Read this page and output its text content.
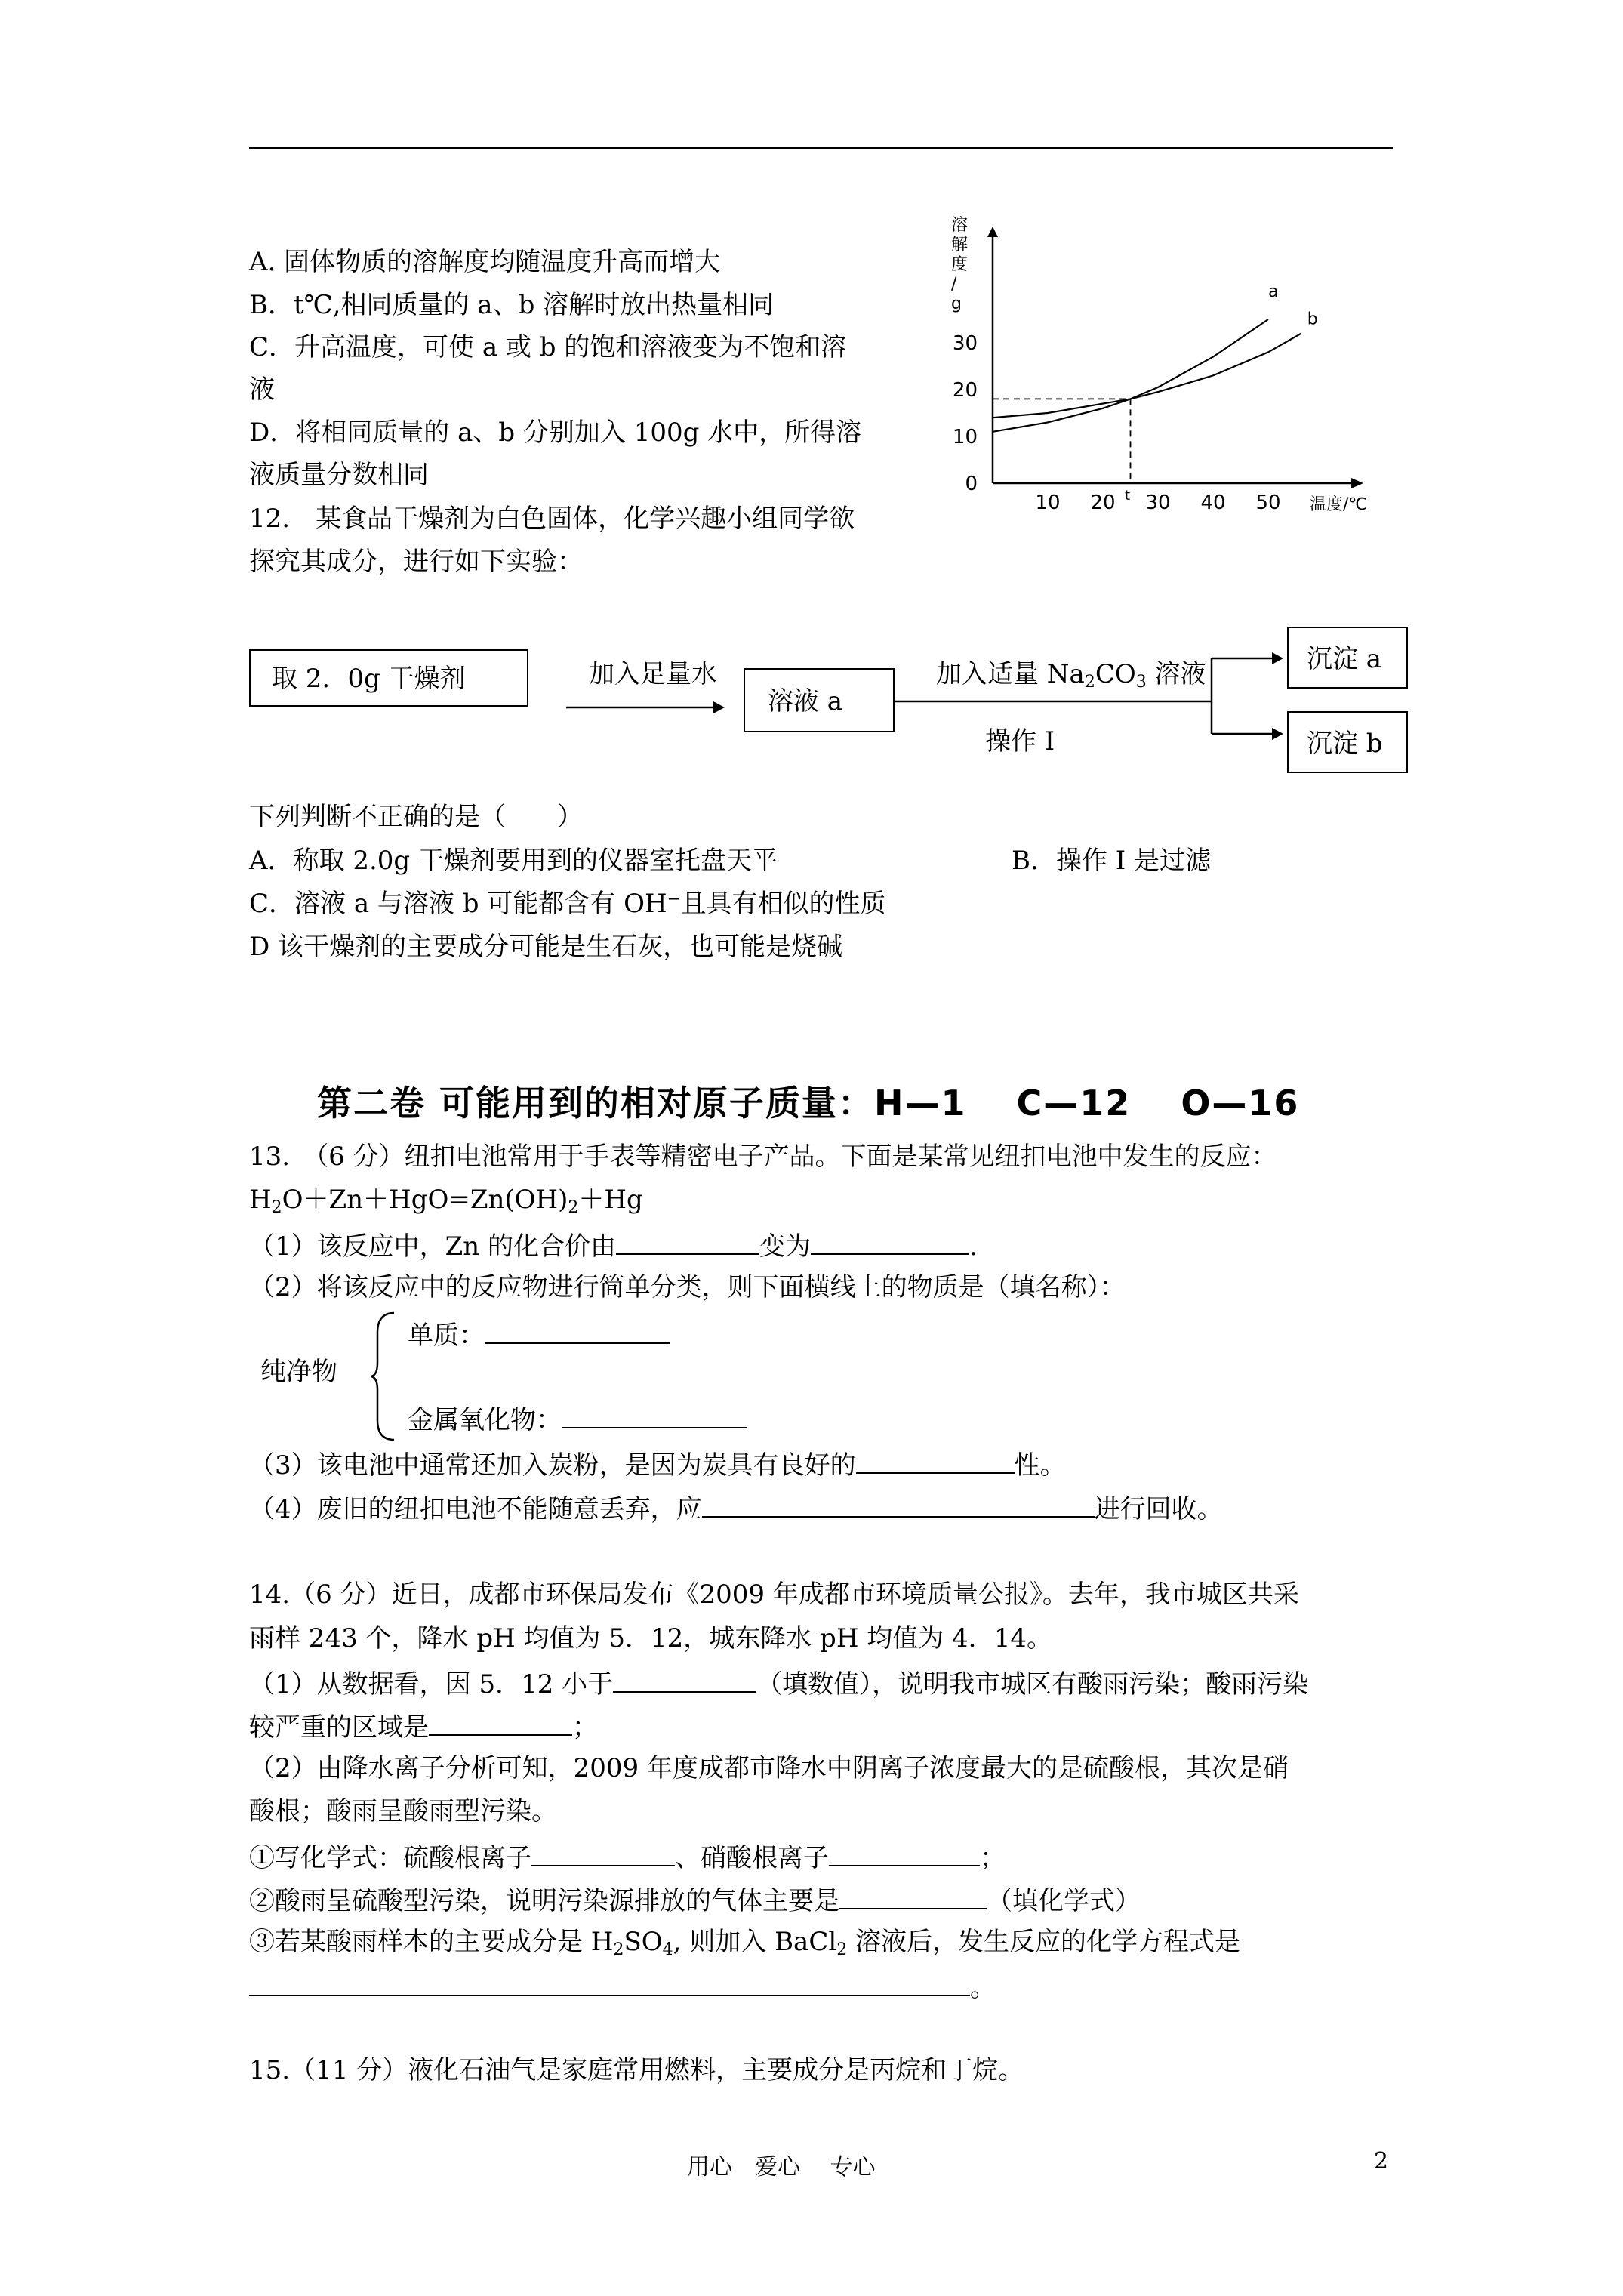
A. 固体物质的溶解度均随温度升高而增大
B．t℃,相同质量的 a、b 溶解时放出热量相同
C．升高温度，可使 a 或 b 的饱和溶液变为不饱和溶
液
D．将相同质量的 a、b 分别加入 100g 水中，所得溶
液质量分数相同
12.　某食品干燥剂为白色固体，化学兴趣小组同学欲
探究其成分，进行如下实验：
溶解度/ g
温度/℃
0
10
20
30
10 20 t 30 40 50
a
b
取 2．0g 干燥剂	加入足量水
溶液 a
加入适量 $Na_2CO_3$ 溶液
操作 I
沉淀 a
沉淀 b
下列判断不正确的是（　　）
A．称取 2.0g 干燥剂要用到的仪器室托盘天平	B．操作 I 是过滤
C．溶液 a 与溶液 b 可能都含有 OH⁻且具有相似的性质
D 该干燥剂的主要成分可能是生石灰，也可能是烧碱
第二卷 可能用到的相对原子质量：H—1　 C—12　 O—16
13.　（6 分）纽扣电池常用于手表等精密电子产品。下面是某常见纽扣电池中发生的反应：
$H_2O+Zn+HgO=Zn(OH)_2+Hg$
（1）该反应中，Zn 的化合价由	变为	.
（2）将该反应中的反应物进行简单分类，则下面横线上的物质是（填名称）：
纯净物
单质：
金属氧化物：
（3）该电池中通常还加入炭粉，是因为炭具有良好的	性。
（4）废旧的纽扣电池不能随意丢弃，应	进行回收。
14.（6 分）近日，成都市环保局发布《2009 年成都市环境质量公报》。去年，我市城区共采
雨样 243 个，降水 pH 均值为 5．12，城东降水 pH 均值为 4．14。
（1）从数据看，因 5．12 小于	（填数值），说明我市城区有酸雨污染；酸雨污染
较严重的区域是	；
（2）由降水离子分析可知，2009 年度成都市降水中阴离子浓度最大的是硫酸根，其次是硝
酸根；酸雨呈酸雨型污染。
①写化学式：硫酸根离子	、硝酸根离子	；
②酸雨呈硫酸型污染，说明污染源排放的气体主要是	（填化学式）
③若某酸雨样本的主要成分是 $H_2SO_4$, 则加入 BaCl$_2$ 溶液后，发生反应的化学方程式是
。
15.（11 分）液化石油气是家庭常用燃料，主要成分是丙烷和丁烷。
用心　爱心　 专心	2
